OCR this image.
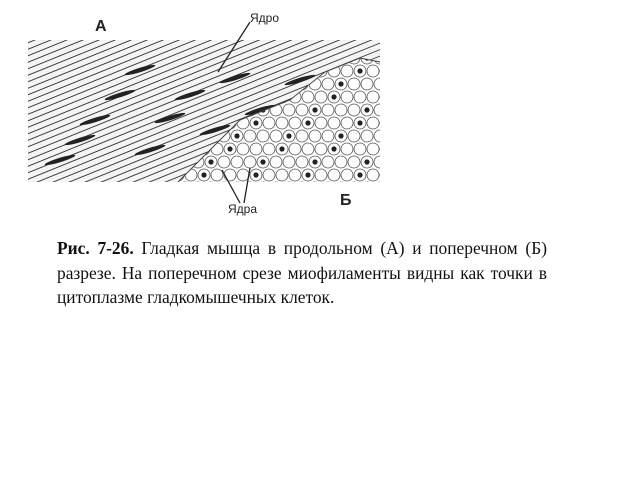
А
Б
Ядро
Ядра

Рис. 7-26. Гладкая мышца в продольном (А) и поперечном (Б) разрезе. На поперечном срезе миофиламенты видны как точки в цитоплазме гладкомышечных клеток.
